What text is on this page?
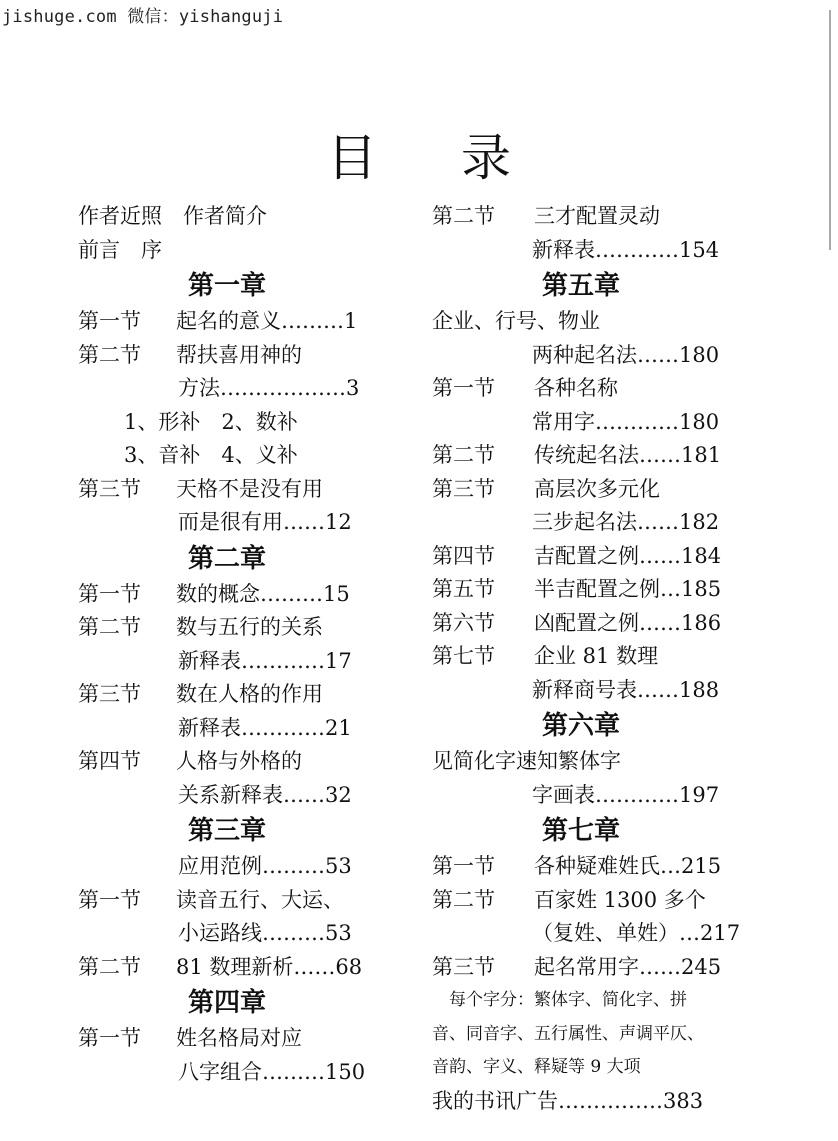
jishuge.com 微信：yishanguji
目 录
作者近照　作者简介
前言　序
第一章
第一节 起名的意义………1
第二节 帮扶喜用神的
方法………………3
1、形补　2、数补
3、音补　4、义补
第三节 天格不是没有用
而是很有用……12
第二章
第一节 数的概念………15
第二节 数与五行的关系
新释表…………17
第三节 数在人格的作用
新释表…………21
第四节 人格与外格的
关系新释表……32
第三章
应用范例………53
第一节 读音五行、大运、
小运路线………53
第二节 81 数理新析……68
第四章
第一节 姓名格局对应
八字组合………150
第二节 三才配置灵动
新释表…………154
第五章
企业、行号、物业
两种起名法……180
第一节 各种名称
常用字…………180
第二节 传统起名法……181
第三节 高层次多元化
三步起名法……182
第四节 吉配置之例……184
第五节 半吉配置之例…185
第六节 凶配置之例……186
第七节 企业 81 数理
新释商号表……188
第六章
见简化字速知繁体字
字画表…………197
第七章
第一节 各种疑难姓氏…215
第二节 百家姓 1300 多个
（复姓、单姓）…217
第三节 起名常用字……245
　每个字分：繁体字、简化字、拼
音、同音字、五行属性、声调平仄、
音韵、字义、释疑等 9 大项
我的书讯广告……………383
